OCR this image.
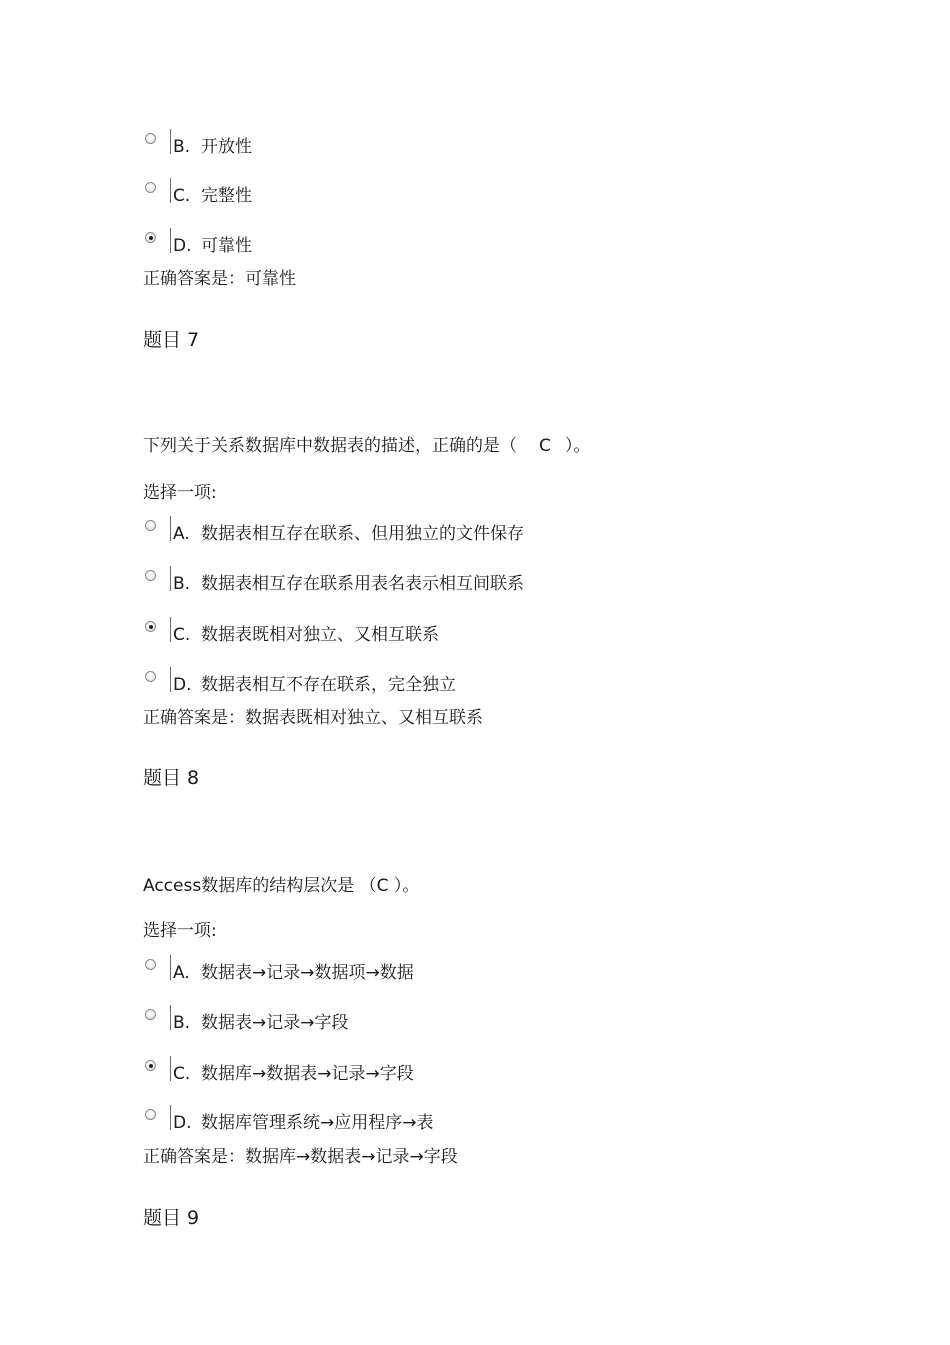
B. 开放性
C. 完整性
D. 可靠性
正确答案是：可靠性
题目 7
下列关于关系数据库中数据表的描述，正确的是（ C ）。
选择一项:
A. 数据表相互存在联系、但用独立的文件保存
B. 数据表相互存在联系用表名表示相互间联系
C. 数据表既相对独立、又相互联系
D. 数据表相互不存在联系，完全独立
正确答案是：数据表既相对独立、又相互联系
题目 8
Access数据库的结构层次是 （C ）。
选择一项:
A. 数据表→记录→数据项→数据
B. 数据表→记录→字段
C. 数据库→数据表→记录→字段
D. 数据库管理系统→应用程序→表
正确答案是：数据库→数据表→记录→字段
题目 9
